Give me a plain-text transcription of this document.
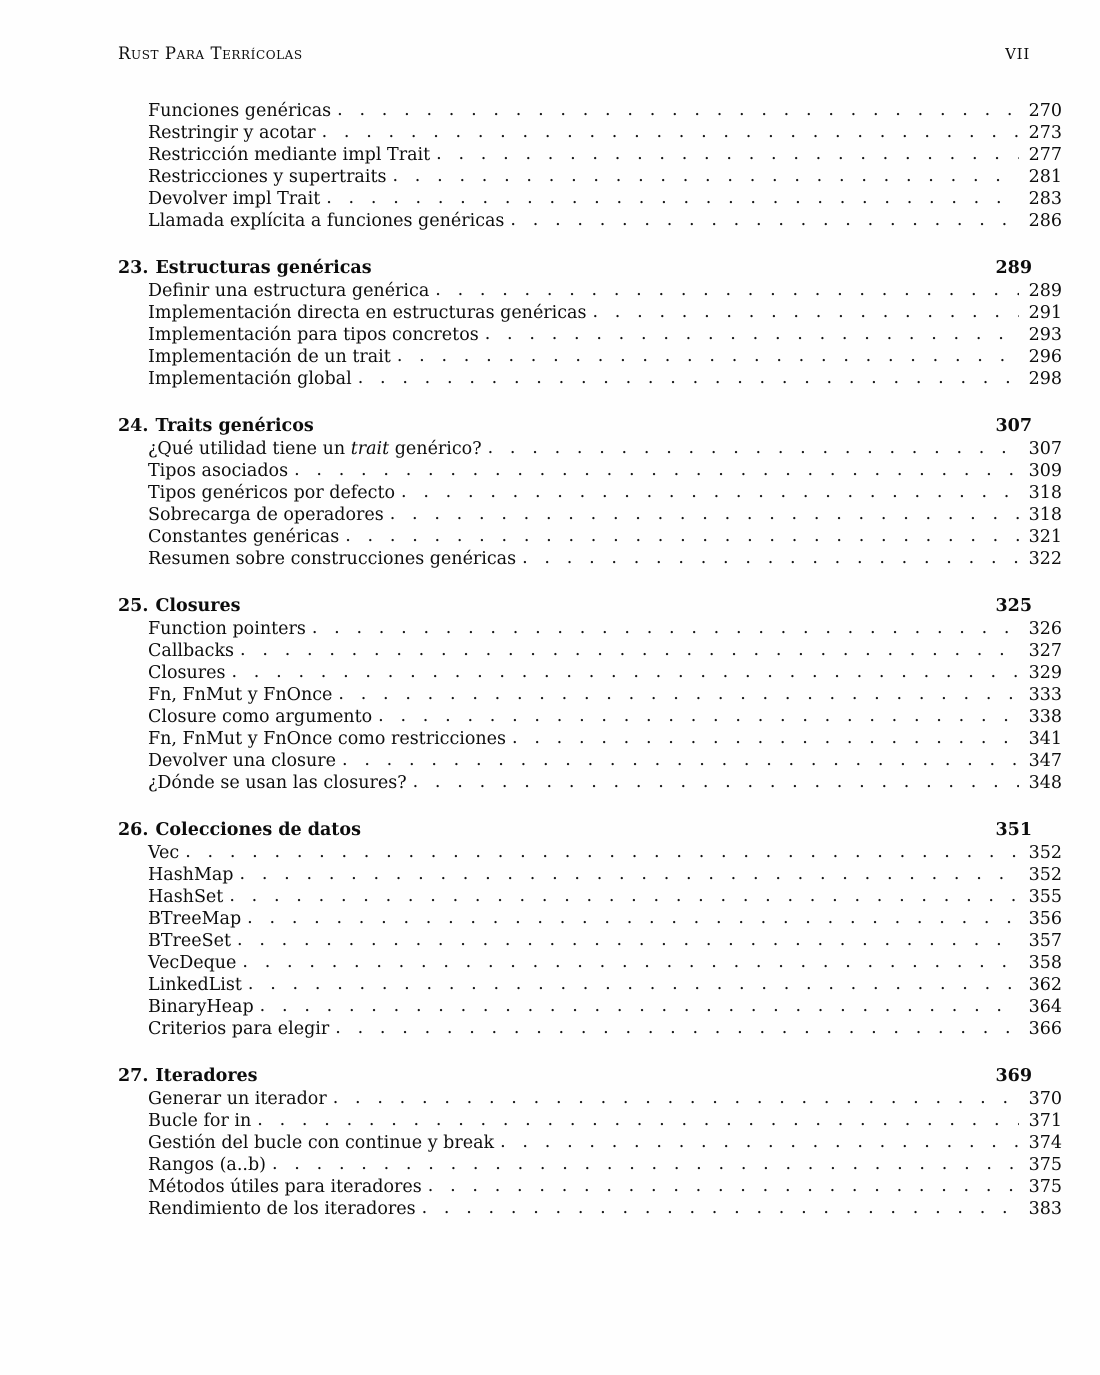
Rust Para Terrícolas	VII
Funciones genéricas . . .	270
Restringir y acotar . . .	273
Restricción mediante impl Trait . . .	277
Restricciones y supertraits . . .	281
Devolver impl Trait . . .	283
Llamada explícita a funciones genéricas . . .	286
23. Estructuras genéricas	289
Definir una estructura genérica . . .	289
Implementación directa en estructuras genéricas . . .	291
Implementación para tipos concretos . . .	293
Implementación de un trait . . .	296
Implementación global . . .	298
24. Traits genéricos	307
¿Qué utilidad tiene un trait genérico? . . .	307
Tipos asociados . . .	309
Tipos genéricos por defecto . . .	318
Sobrecarga de operadores . . .	318
Constantes genéricas . . .	321
Resumen sobre construcciones genéricas . . .	322
25. Closures	325
Function pointers . . .	326
Callbacks . . .	327
Closures . . .	329
Fn, FnMut y FnOnce . . .	333
Closure como argumento . . .	338
Fn, FnMut y FnOnce como restricciones . . .	341
Devolver una closure . . .	347
¿Dónde se usan las closures? . . .	348
26. Colecciones de datos	351
Vec . . .	352
HashMap . . .	352
HashSet . . .	355
BTreeMap . . .	356
BTreeSet . . .	357
VecDeque . . .	358
LinkedList . . .	362
BinaryHeap . . .	364
Criterios para elegir . . .	366
27. Iteradores	369
Generar un iterador . . .	370
Bucle for in . . .	371
Gestión del bucle con continue y break . . .	374
Rangos (a..b) . . .	375
Métodos útiles para iteradores . . .	375
Rendimiento de los iteradores . . .	383
